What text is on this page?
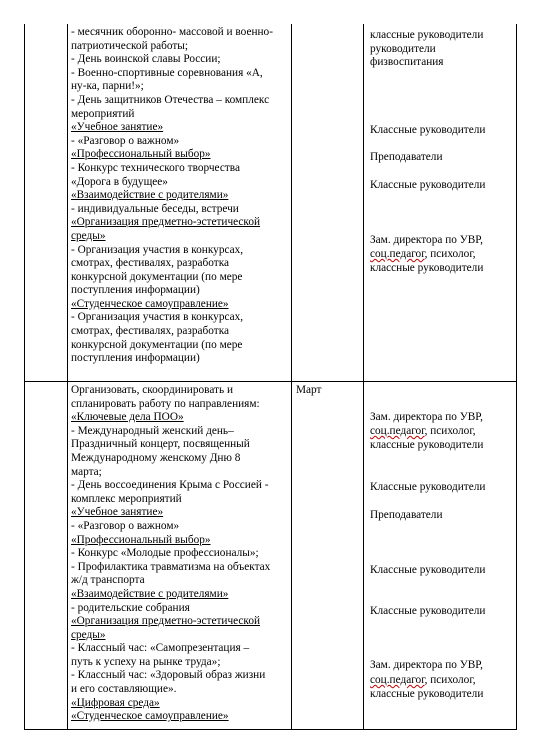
- месячник оборонно- массовой и военно-
патриотической работы;
- День воинской славы России;
- Военно-спортивные соревнования «А,
ну-ка, парни!»;
- День защитников Отечества – комплекс
мероприятий
«Учебное занятие»
- «Разговор о важном»
«Профессиональный выбор»
- Конкурс технического творчества
«Дорога в будущее»
«Взаимодействие с родителями»
- индивидуальные беседы, встречи
«Организация предметно-эстетической
среды»
- Организация участия в конкурсах,
смотрах, фестивалях, разработка
конкурсной документации (по мере
поступления информации)
«Студенческое самоуправление»
- Организация участия в конкурсах,
смотрах, фестивалях, разработка
конкурсной документации (по мере
поступления информации)
классные руководители
руководители
физвоспитания
Классные руководители
Преподаватели
Классные руководители
Зам. директора по УВР,
соц.педагог, психолог,
классные руководители
Март
Организовать, скоординировать и
спланировать работу по направлениям:
«Ключевые дела ПОО»
- Международный женский день–
Праздничный концерт, посвященный
Международному женскому Дню 8
марта;
- День воссоединения Крыма с Россией -
комплекс мероприятий
«Учебное занятие»
- «Разговор о важном»
«Профессиональный выбор»
- Конкурс «Молодые профессионалы»;
- Профилактика травматизма на объектах
ж/д транспорта
«Взаимодействие с родителями»
- родительские собрания
«Организация предметно-эстетической
среды»
- Классный час: «Самопрезентация –
путь к успеху на рынке труда»;
- Классный час: «Здоровый образ жизни
и его составляющие».
«Цифровая среда»
«Студенческое самоуправление»
Зам. директора по УВР,
соц.педагог, психолог,
классные руководители
Классные руководители
Преподаватели
Классные руководители
Классные руководители
Зам. директора по УВР,
соц.педагог, психолог,
классные руководители
